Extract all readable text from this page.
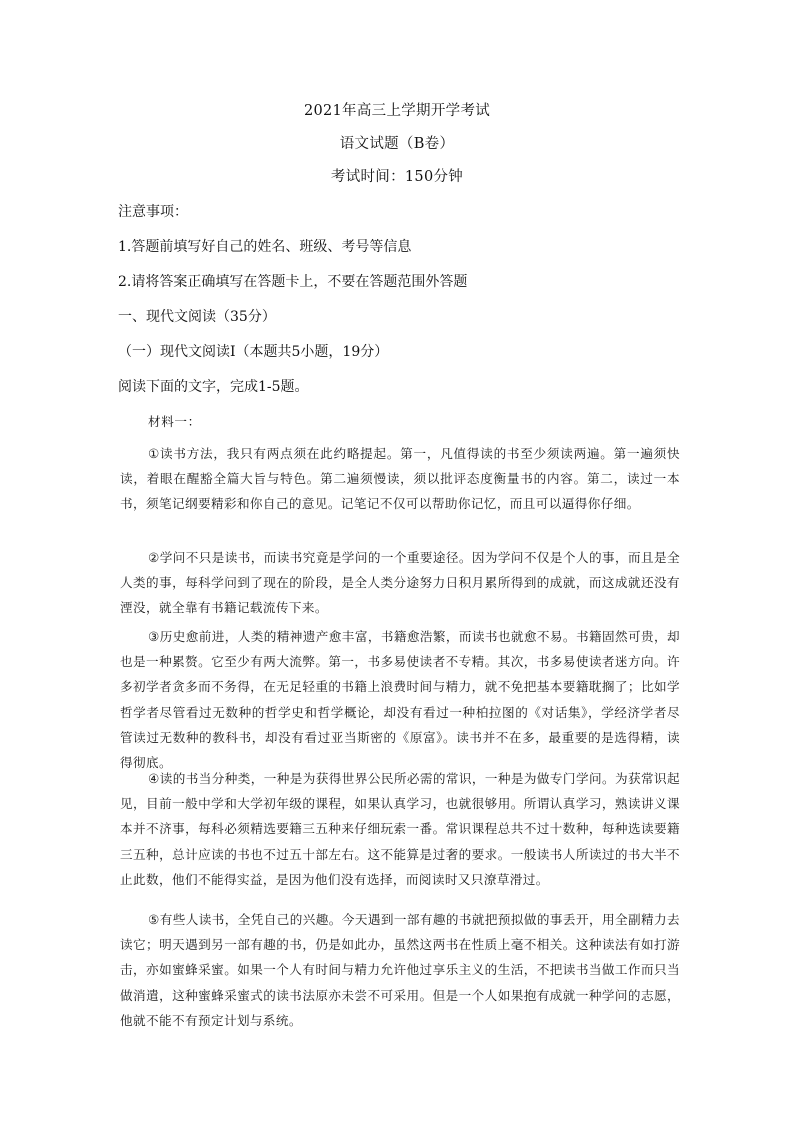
2021年高三上学期开学考试
语文试题（B卷）
考试时间：150分钟
注意事项：
1.答题前填写好自己的姓名、班级、考号等信息
2.请将答案正确填写在答题卡上，不要在答题范围外答题
一、现代文阅读（35分）
（一）现代文阅读Ⅰ（本题共5小题，19分）
阅读下面的文字，完成1-5题。
材料一：
①读书方法，我只有两点须在此约略提起。第一，凡值得读的书至少须读两遍。第一遍须快读，着眼在醒豁全篇大旨与特色。第二遍须慢读，须以批评态度衡量书的内容。第二，读过一本书，须笔记纲要精彩和你自己的意见。记笔记不仅可以帮助你记忆，而且可以逼得你仔细。
②学问不只是读书，而读书究竟是学问的一个重要途径。因为学问不仅是个人的事，而且是全人类的事，每科学问到了现在的阶段，是全人类分途努力日积月累所得到的成就，而这成就还没有湮没，就全靠有书籍记载流传下来。
③历史愈前进，人类的精神遗产愈丰富，书籍愈浩繁，而读书也就愈不易。书籍固然可贵，却也是一种累赘。它至少有两大流弊。第一，书多易使读者不专精。其次，书多易使读者迷方向。许多初学者贪多而不务得，在无足轻重的书籍上浪费时间与精力，就不免把基本要籍耽搁了；比如学哲学者尽管看过无数种的哲学史和哲学概论，却没有看过一种柏拉图的《对话集》，学经济学者尽管读过无数种的教科书，却没有看过亚当斯密的《原富》。读书并不在多，最重要的是选得精，读得彻底。
④读的书当分种类，一种是为获得世界公民所必需的常识，一种是为做专门学问。为获常识起见，目前一般中学和大学初年级的课程，如果认真学习，也就很够用。所谓认真学习，熟读讲义课本并不济事，每科必须精选要籍三五种来仔细玩索一番。常识课程总共不过十数种，每种选读要籍三五种，总计应读的书也不过五十部左右。这不能算是过奢的要求。一般读书人所读过的书大半不止此数，他们不能得实益，是因为他们没有选择，而阅读时又只潦草滑过。
⑤有些人读书，全凭自己的兴趣。今天遇到一部有趣的书就把预拟做的事丢开，用全副精力去读它；明天遇到另一部有趣的书，仍是如此办，虽然这两书在性质上毫不相关。这种读法有如打游击，亦如蜜蜂采蜜。如果一个人有时间与精力允许他过享乐主义的生活，不把读书当做工作而只当做消遣，这种蜜蜂采蜜式的读书法原亦未尝不可采用。但是一个人如果抱有成就一种学问的志愿，他就不能不有预定计划与系统。
